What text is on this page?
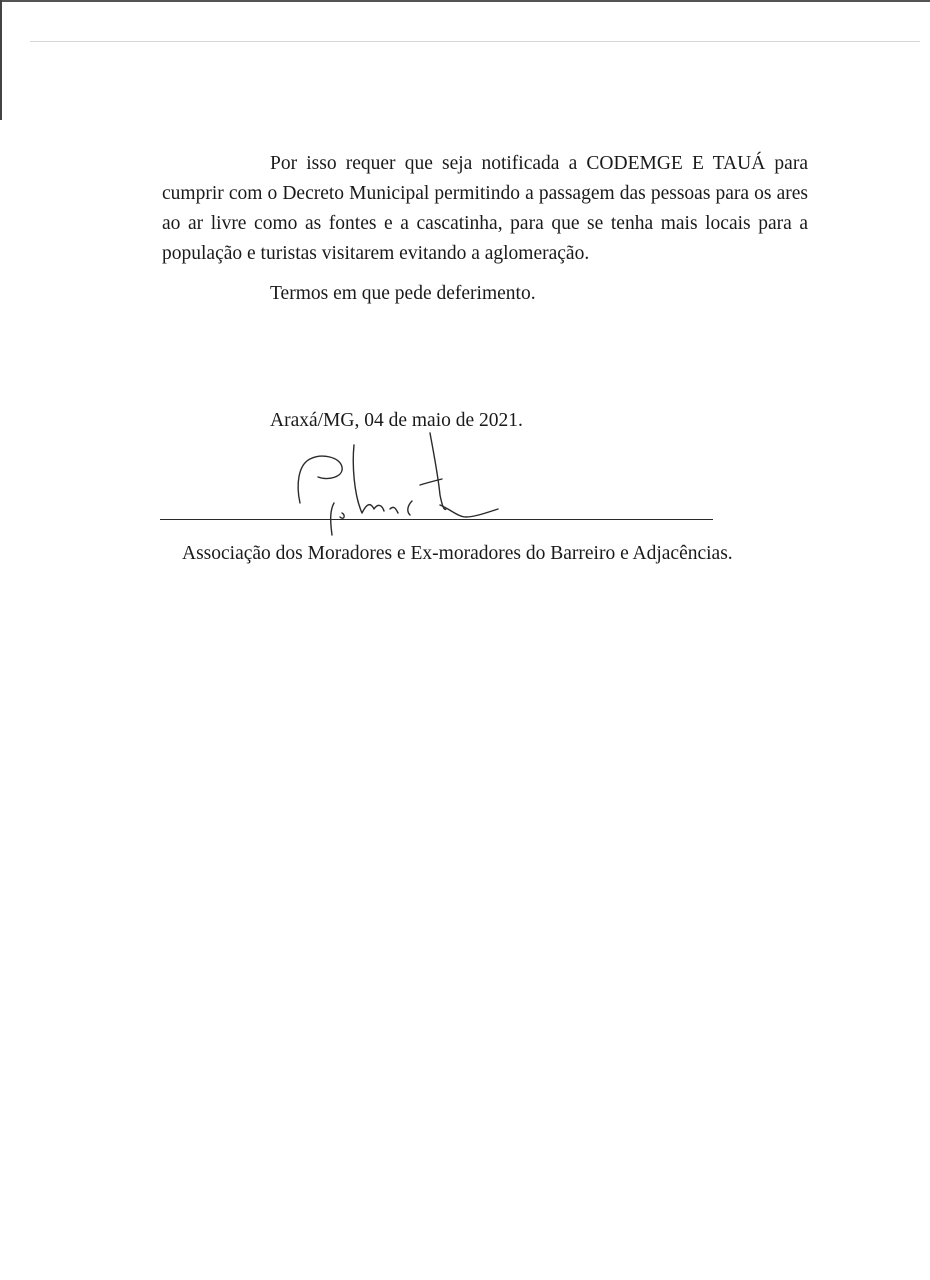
Por isso requer que seja notificada a CODEMGE E TAUÁ para cumprir com o Decreto Municipal permitindo a passagem das pessoas para os ares ao ar livre como as fontes e a cascatinha, para que se tenha mais locais para a população e turistas visitarem evitando a aglomeração.

Termos em que pede deferimento.

Araxá/MG, 04 de maio de 2021.

Associação dos Moradores e Ex-moradores do Barreiro e Adjacências.
